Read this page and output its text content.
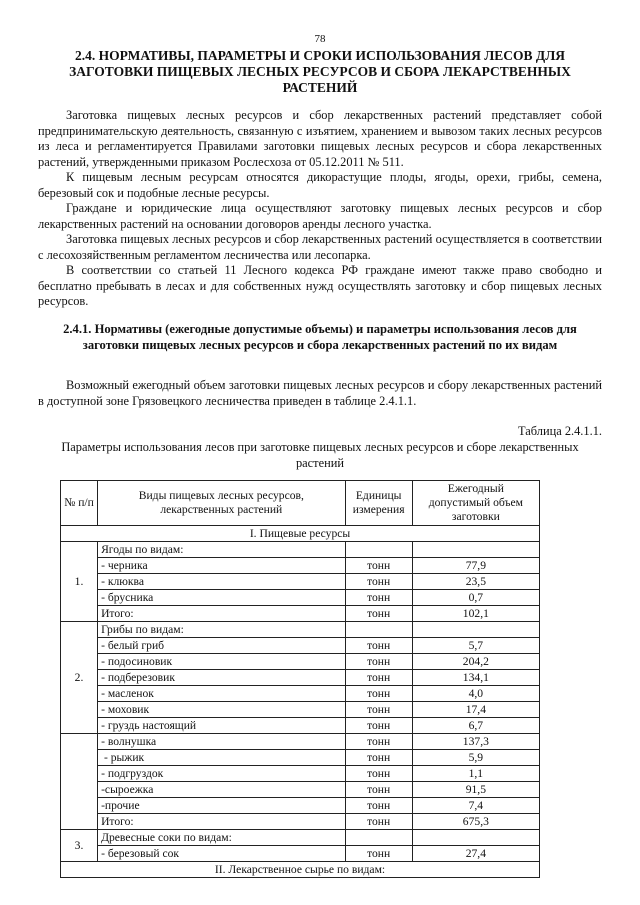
78
2.4. НОРМАТИВЫ, ПАРАМЕТРЫ И СРОКИ ИСПОЛЬЗОВАНИЯ ЛЕСОВ ДЛЯ ЗАГОТОВКИ ПИЩЕВЫХ ЛЕСНЫХ РЕСУРСОВ И СБОРА ЛЕКАРСТВЕННЫХ РАСТЕНИЙ

Заготовка пищевых лесных ресурсов и сбор лекарственных растений представляет собой предпринимательскую деятельность, связанную с изъятием, хранением и вывозом таких лесных ресурсов из леса и регламентируется Правилами заготовки пищевых лесных ресурсов и сбора лекарственных растений, утвержденными приказом Рослесхоза от 05.12.2011 № 511.

К пищевым лесным ресурсам относятся дикорастущие плоды, ягоды, орехи, грибы, семена, березовый сок и подобные лесные ресурсы.

Граждане и юридические лица осуществляют заготовку пищевых лесных ресурсов и сбор лекарственных растений на основании договоров аренды лесного участка.

Заготовка пищевых лесных ресурсов и сбор лекарственных растений осуществляется в соответствии с лесохозяйственным регламентом лесничества или лесопарка.

В соответствии со статьей 11 Лесного кодекса РФ граждане имеют также право свободно и бесплатно пребывать в лесах и для собственных нужд осуществлять заготовку и сбор пищевых лесных ресурсов.

2.4.1. Нормативы (ежегодные допустимые объемы) и параметры использования лесов для заготовки пищевых лесных ресурсов и сбора лекарственных растений по их видам

Возможный ежегодный объем заготовки пищевых лесных ресурсов и сбору лекарственных растений в доступной зоне Грязовецкого лесничества приведен в таблице 2.4.1.1.

Таблица 2.4.1.1.

Параметры использования лесов при заготовке пищевых лесных ресурсов и сборе лекарственных растений

№ п/п	Виды пищевых лесных ресурсов, лекарственных растений	Единицы измерения	Ежегодный допустимый объем заготовки
I. Пищевые ресурсы			
1.	Ягоды по видам:		
	- черника	тонн	77,9
	- клюква	тонн	23,5
	- брусника	тонн	0,7
	Итого:	тонн	102,1
2.	Грибы по видам:		
	- белый гриб	тонн	5,7
	- подосиновик	тонн	204,2
	- подберезовик	тонн	134,1
	- масленок	тонн	4,0
	- моховик	тонн	17,4
	- груздь настоящий	тонн	6,7
	- волнушка	тонн	137,3
	- рыжик	тонн	5,9
	- подгруздок	тонн	1,1
	-сыроежка	тонн	91,5
	-прочие	тонн	7,4
	Итого:	тонн	675,3
3.	Древесные соки по видам:		
	- березовый сок	тонн	27,4
II. Лекарственное сырье по видам:			
